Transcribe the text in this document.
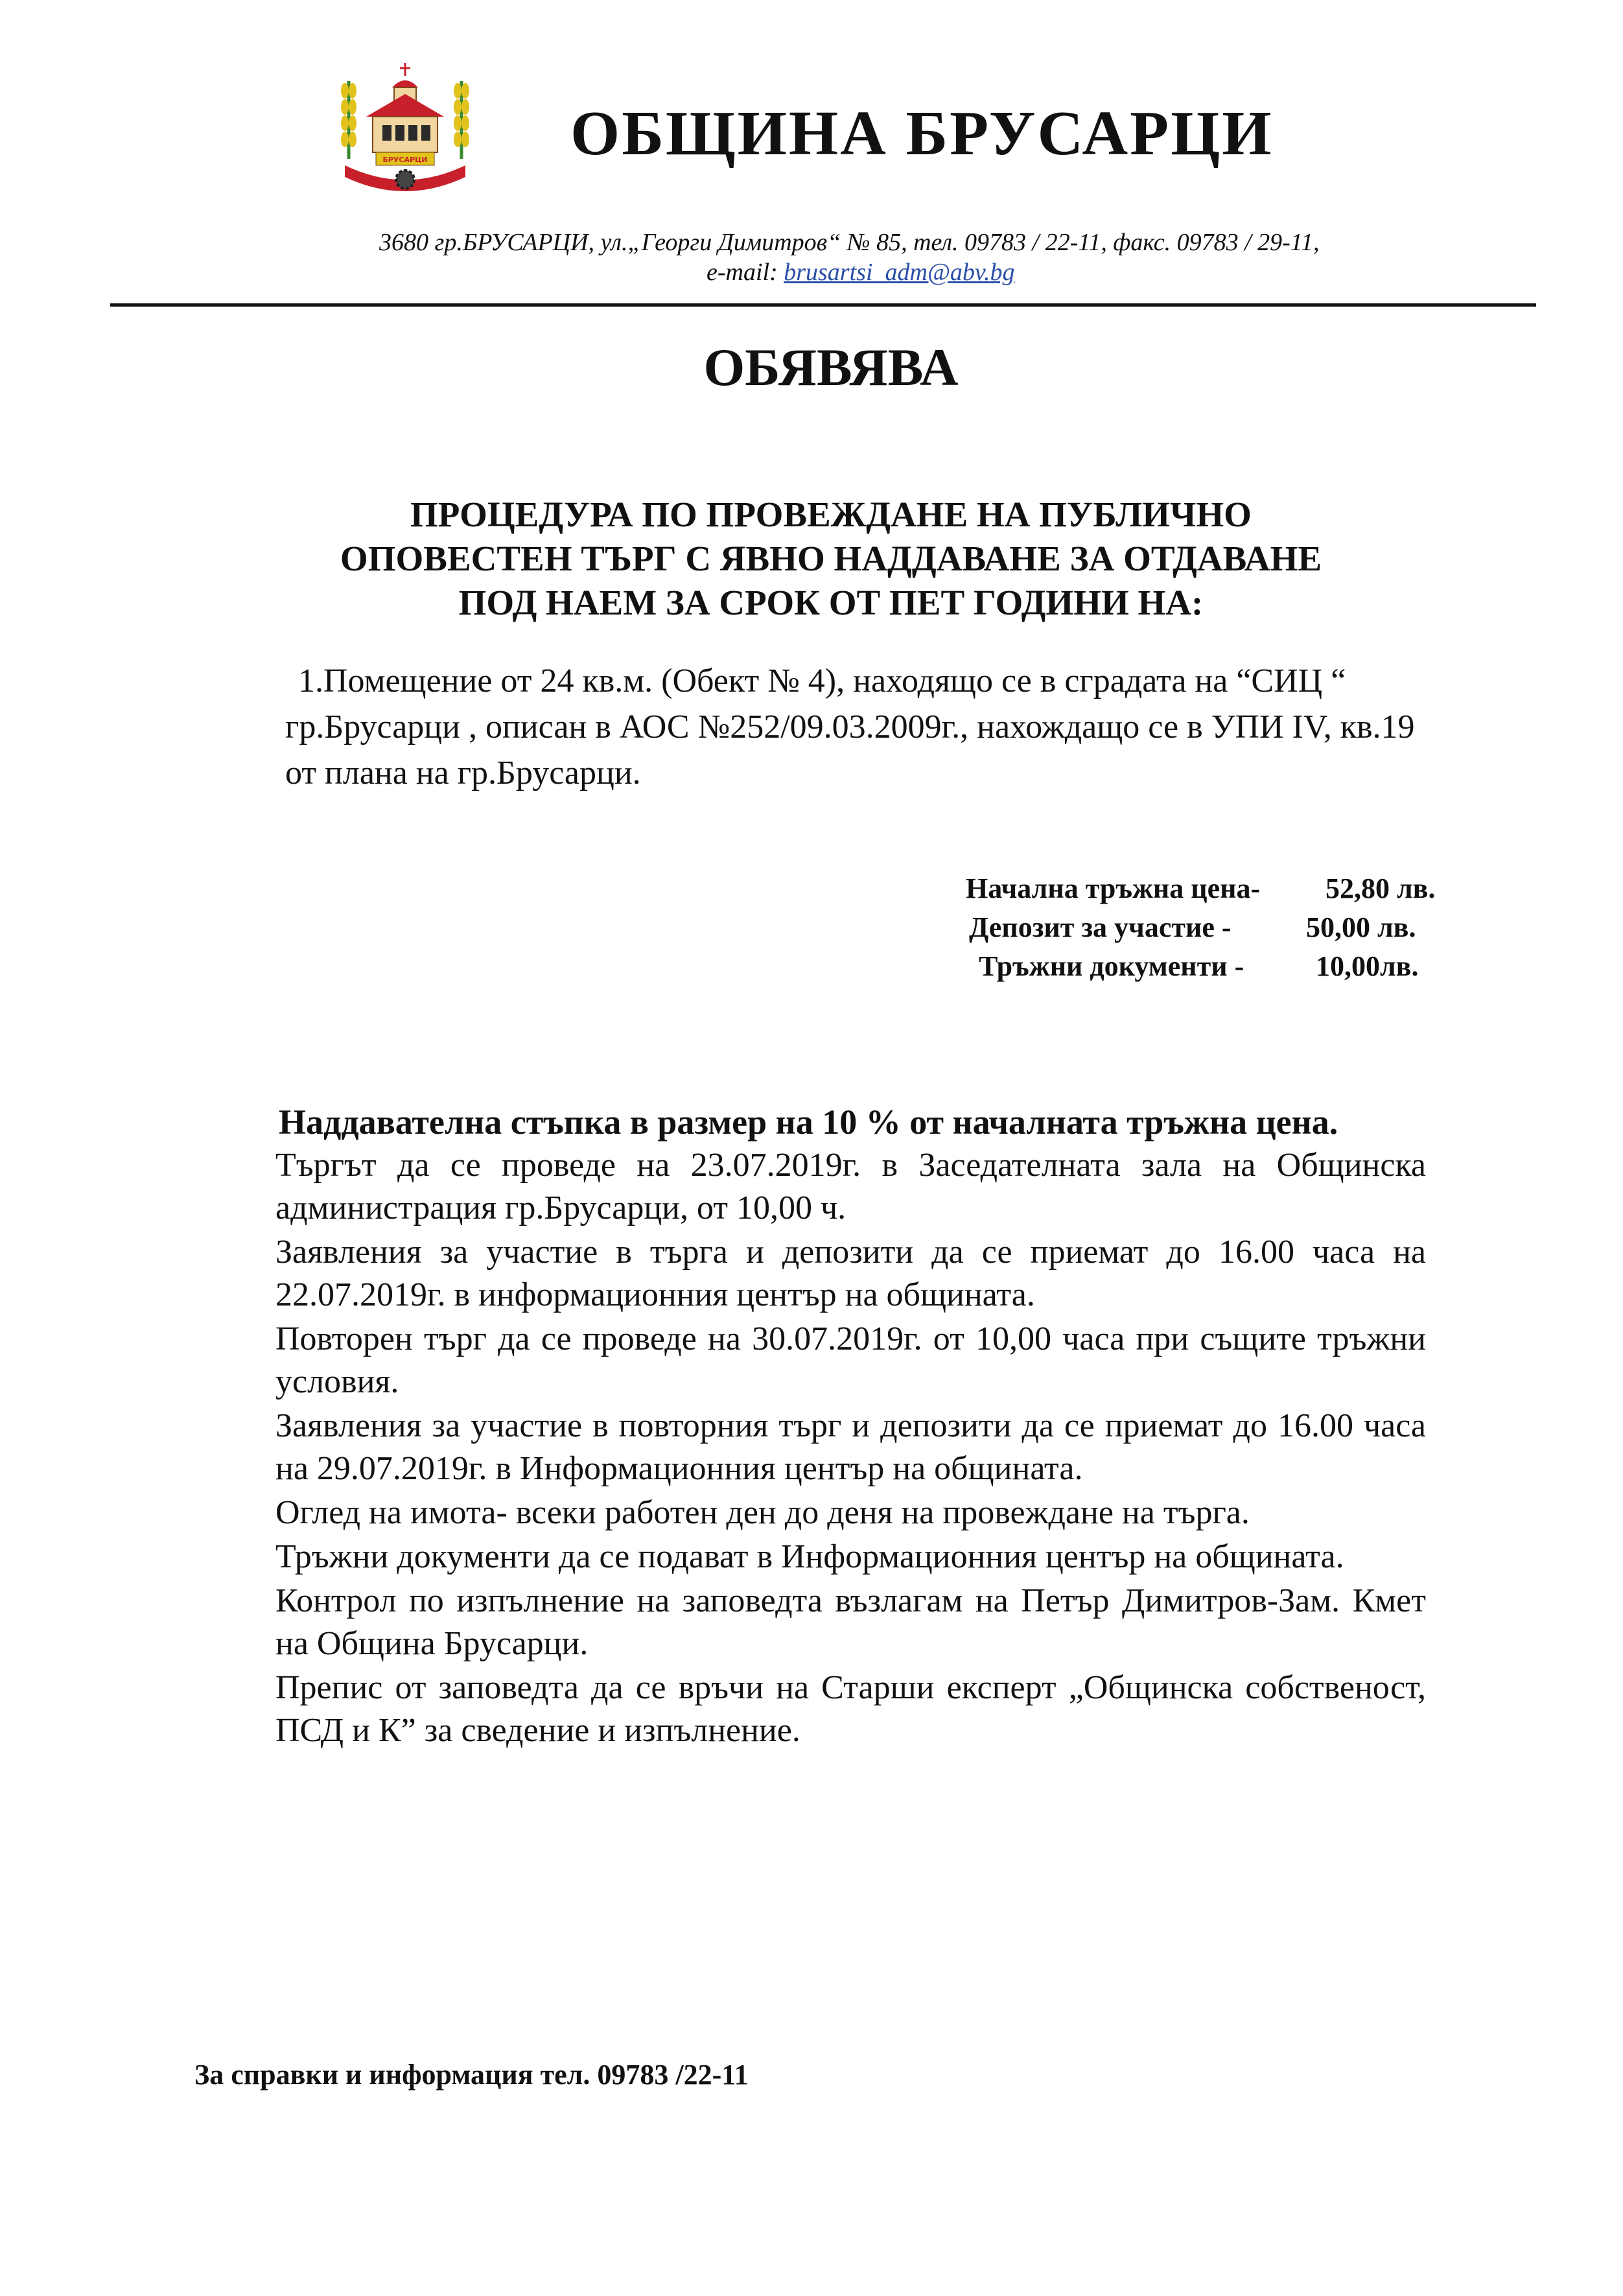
БРУСАРЦИ ОБЩИНА БРУСАРЦИ
3680 гр.БРУСАРЦИ, ул.„Георги Димитров“ № 85, тел. 09783 / 22-11, факс. 09783 / 29-11,
e-mail: brusartsi_adm@abv.bg
ОБЯВЯВА
ПРОЦЕДУРА ПО ПРОВЕЖДАНЕ НА ПУБЛИЧНО
ОПОВЕСТЕН ТЪРГ С ЯВНО НАДДАВАНЕ ЗА ОТДАВАНЕ
ПОД НАЕМ ЗА СРОК ОТ ПЕТ ГОДИНИ НА:

1.Помещение от 24 кв.м. (Обект № 4), находящо се в сградата на “СИЦ “ гр.Брусарци , описан в АОС №252/09.03.2009г., нахождащо се в УПИ IV, кв.19 от плана на гр.Брусарци.

Начална тръжна цена- 52,80 лв.
Депозит за участие -	50,00 лв.
Тръжни документи -	10,00лв.
Наддавателна стъпка в размер на 10 % от началната тръжна цена.

Търгът да се проведе на 23.07.2019г. в Заседателната зала на Общинска администрация гр.Брусарци, от 10,00 ч.

Заявления за участие в търга и депозити да се приемат до 16.00 часа на 22.07.2019г. в информационния център на общината.

Повторен търг да се проведе на 30.07.2019г. от 10,00 часа при същите тръжни условия.

Заявления за участие в повторния търг и депозити да се приемат до 16.00 часа на 29.07.2019г. в Информационния център на общината.

Оглед на имота- всеки работен ден до деня на провеждане на търга.

Тръжни документи да се подават в Информационния център на общината.

Контрол по изпълнение на заповедта възлагам на Петър Димитров-Зам. Кмет на Община Брусарци.

Препис от заповедта да се връчи на Старши експерт „Общинска собственост, ПСД и К” за сведение и изпълнение.

За справки и информация тел. 09783 /22-11
